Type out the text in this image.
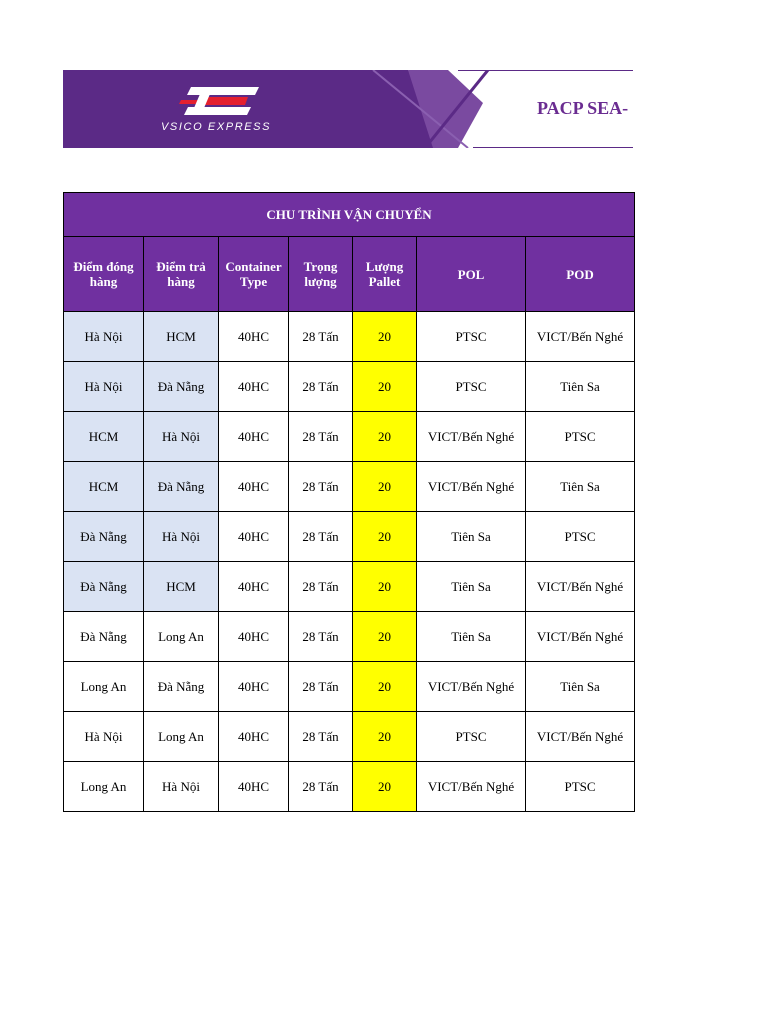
VSICO EXPRESS
PACP SEA-
CHU TRÌNH VẬN CHUYỂN						
Điểm đóng hàng	Điểm trả hàng	Container Type	Trọng lượng	Lượng Pallet	POL	POD
Hà Nội	HCM	40HC	28 Tấn	20	PTSC	VICT/Bến Nghé
Hà Nội	Đà Nẵng	40HC	28 Tấn	20	PTSC	Tiên Sa
HCM	Hà Nội	40HC	28 Tấn	20	VICT/Bến Nghé	PTSC
HCM	Đà Nẵng	40HC	28 Tấn	20	VICT/Bến Nghé	Tiên Sa
Đà Nẵng	Hà Nội	40HC	28 Tấn	20	Tiên Sa	PTSC
Đà Nẵng	HCM	40HC	28 Tấn	20	Tiên Sa	VICT/Bến Nghé
Đà Nẵng	Long An	40HC	28 Tấn	20	Tiên Sa	VICT/Bến Nghé
Long An	Đà Nẵng	40HC	28 Tấn	20	VICT/Bến Nghé	Tiên Sa
Hà Nội	Long An	40HC	28 Tấn	20	PTSC	VICT/Bến Nghé
Long An	Hà Nội	40HC	28 Tấn	20	VICT/Bến Nghé	PTSC
